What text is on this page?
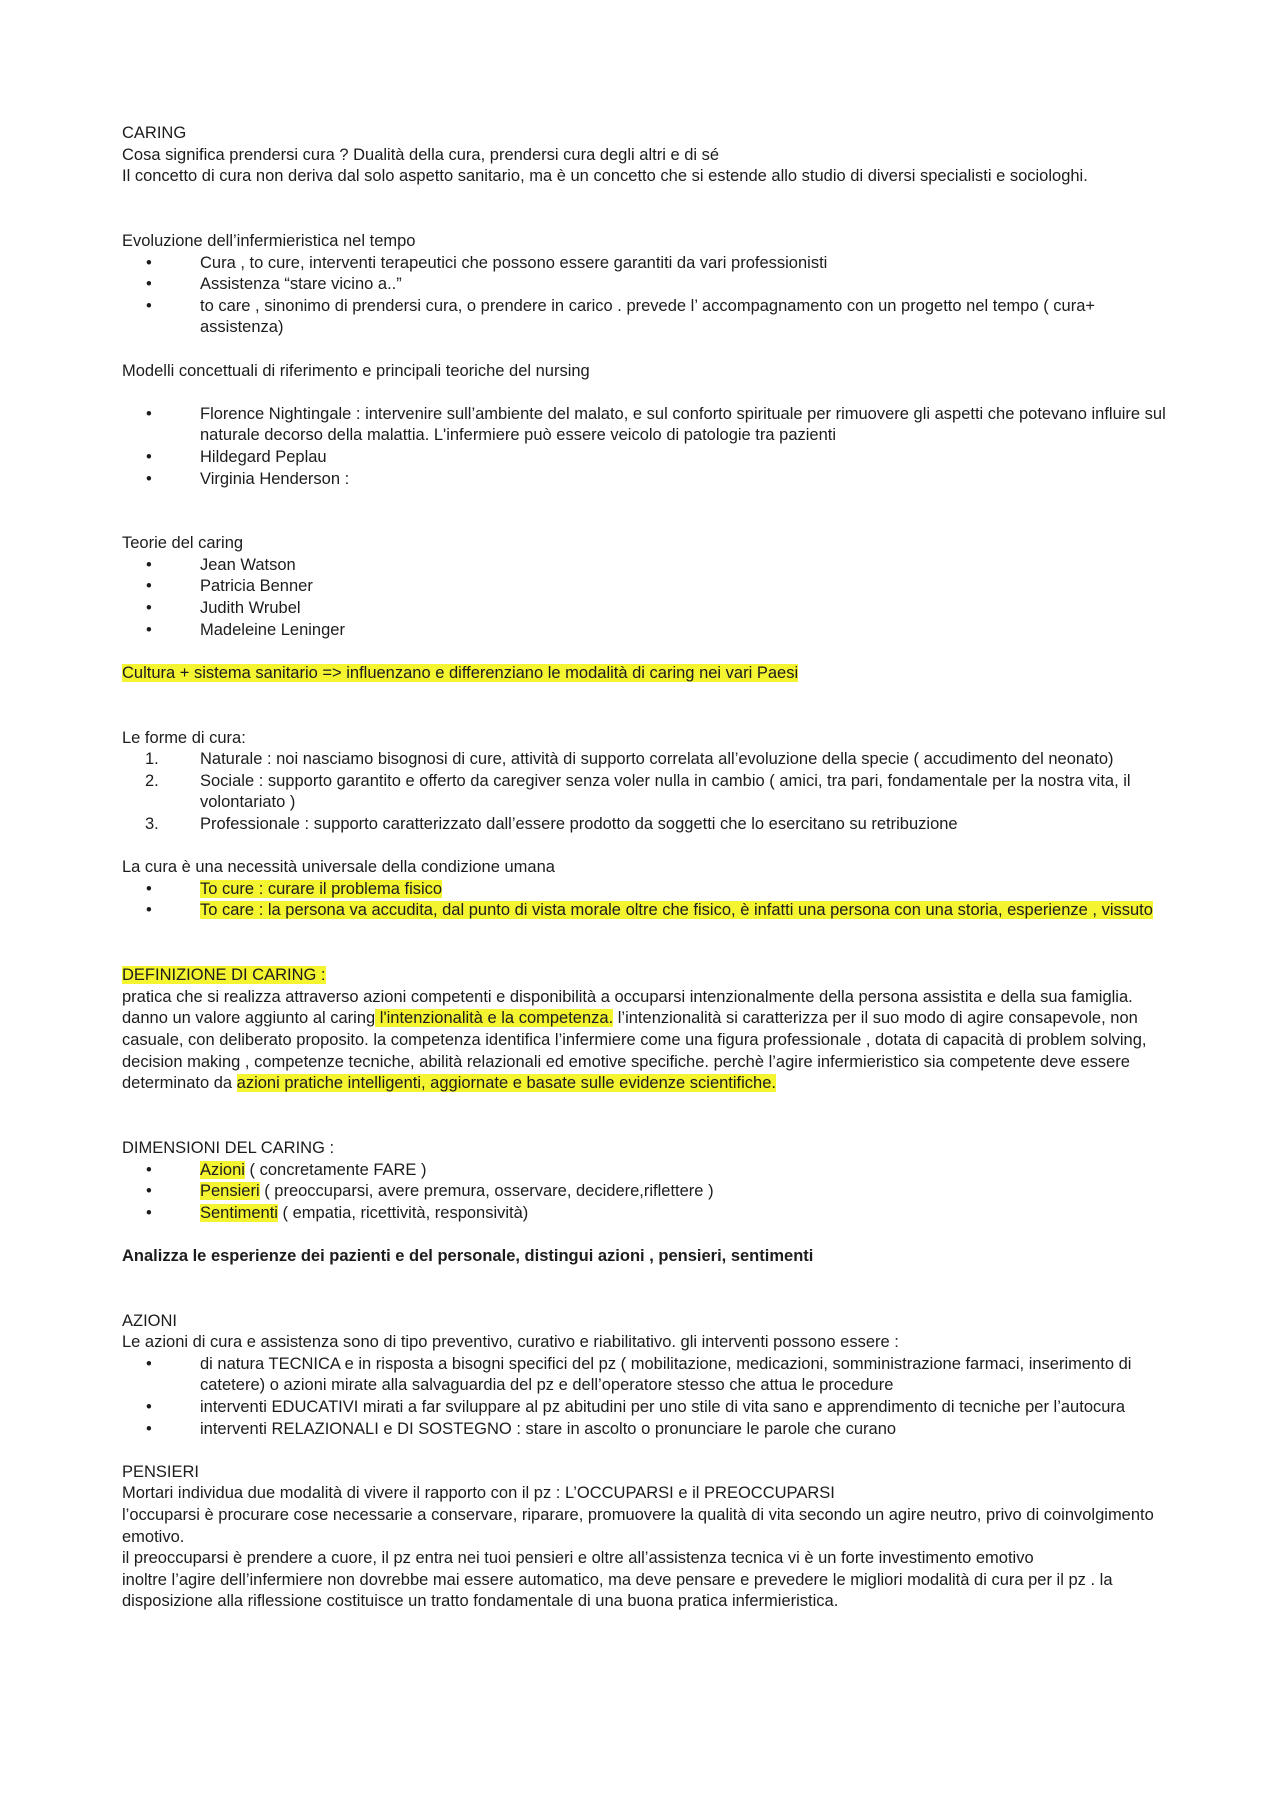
CARING

Cosa significa prendersi cura ? Dualità della cura, prendersi cura degli altri e di sé

Il concetto di cura non deriva dal solo aspetto sanitario, ma è un concetto che si estende allo studio di diversi specialisti e sociologhi.

Evoluzione dell’infermieristica nel tempo

•	Cura , to cure, interventi terapeutici che possono essere garantiti da vari professionisti
•	Assistenza “stare vicino a..”
•	to care , sinonimo di prendersi cura, o prendere in carico . prevede l’ accompagnamento con un progetto nel tempo ( cura+ assistenza)

Modelli concettuali di riferimento e principali teoriche del nursing

•	Florence Nightingale : intervenire sull’ambiente del malato, e sul conforto spirituale per rimuovere gli aspetti che potevano influire sul naturale decorso della malattia. L'infermiere può essere veicolo di patologie tra pazienti
•	Hildegard Peplau
•	Virginia Henderson :

Teorie del caring

•	Jean Watson
•	Patricia Benner
•	Judith Wrubel
•	Madeleine Leninger

Cultura + sistema sanitario => influenzano e differenziano le modalità di caring nei vari Paesi

Le forme di cura:

1.	Naturale : noi nasciamo bisognosi di cure, attività di supporto correlata all’evoluzione della specie ( accudimento del neonato)
2.	Sociale : supporto garantito e offerto da caregiver senza voler nulla in cambio ( amici, tra pari, fondamentale per la nostra vita, il volontariato )
3.	Professionale : supporto caratterizzato dall’essere prodotto da soggetti che lo esercitano su retribuzione

La cura è una necessità universale della condizione umana

•	To cure : curare il problema fisico
•	To care : la persona va accudita, dal punto di vista morale oltre che fisico, è infatti una persona con una storia, esperienze , vissuto

DEFINIZIONE DI CARING :

pratica che si realizza attraverso azioni competenti e disponibilità a occuparsi intenzionalmente della persona assistita e della sua famiglia.

danno un valore aggiunto al caring l'intenzionalità e la competenza. l’intenzionalità si caratterizza per il suo modo di agire consapevole, non casuale, con deliberato proposito. la competenza identifica l’infermiere come una figura professionale , dotata di capacità di problem solving, decision making , competenze tecniche, abilità relazionali ed emotive specifiche. perchè l’agire infermieristico sia competente deve essere determinato da azioni pratiche intelligenti, aggiornate e basate sulle evidenze scientifiche.

DIMENSIONI DEL CARING :

•	Azioni ( concretamente FARE )
•	Pensieri ( preoccuparsi, avere premura, osservare, decidere,riflettere )
•	Sentimenti ( empatia, ricettività, responsività)

Analizza le esperienze dei pazienti e del personale, distingui azioni , pensieri, sentimenti

AZIONI

Le azioni di cura e assistenza sono di tipo preventivo, curativo e riabilitativo. gli interventi possono essere :

•	di natura TECNICA e in risposta a bisogni specifici del pz ( mobilitazione, medicazioni, somministrazione farmaci, inserimento di catetere) o azioni mirate alla salvaguardia del pz e dell’operatore stesso che attua le procedure
•	interventi EDUCATIVI mirati a far sviluppare al pz abitudini per uno stile di vita sano e apprendimento di tecniche per l’autocura
•	interventi RELAZIONALI e DI SOSTEGNO : stare in ascolto o pronunciare le parole che curano

PENSIERI

Mortari individua due modalità di vivere il rapporto con il pz : L’OCCUPARSI e il PREOCCUPARSI

l’occuparsi è procurare cose necessarie a conservare, riparare, promuovere la qualità di vita secondo un agire neutro, privo di coinvolgimento emotivo.

il preoccuparsi è prendere a cuore, il pz entra nei tuoi pensieri e oltre all’assistenza tecnica vi è un forte investimento emotivo

inoltre l’agire dell’infermiere non dovrebbe mai essere automatico, ma deve pensare e prevedere le migliori modalità di cura per il pz . la disposizione alla riflessione costituisce un tratto fondamentale di una buona pratica infermieristica.
